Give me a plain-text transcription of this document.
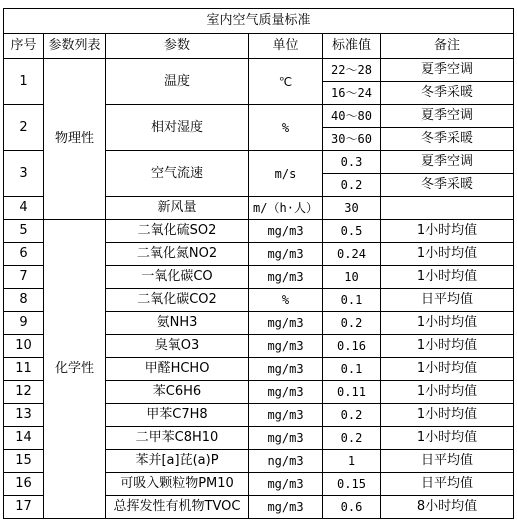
室内空气质量标准					
序号	参数列表	参数	单位	标准值	备注
1	物理性	温度	℃	22～28	夏季空调
				16～24	冬季采暖
2		相对湿度	%	40～80	夏季空调
				30～60	冬季采暖
3		空气流速	m/s	0.3	夏季空调
				0.2	冬季采暖
4		新风量	m/（h·人）	30	
5	化学性	二氧化硫SO2	mg/m3	0.5	1小时均值
6		二氧化氮NO2	mg/m3	0.24	1小时均值
7		一氧化碳CO	mg/m3	10	1小时均值
8		二氧化碳CO2	%	0.1	日平均值
9		氨NH3	mg/m3	0.2	1小时均值
10		臭氧O3	mg/m3	0.16	1小时均值
11		甲醛HCHO	mg/m3	0.1	1小时均值
12		苯C6H6	mg/m3	0.11	1小时均值
13		甲苯C7H8	mg/m3	0.2	1小时均值
14		二甲苯C8H10	mg/m3	0.2	1小时均值
15		苯并[a]芘(a)P	ng/m3	1	日平均值
16		可吸入颗粒物PM10	mg/m3	0.15	日平均值
17		总挥发性有机物TVOC	mg/m3	0.6	8小时均值
